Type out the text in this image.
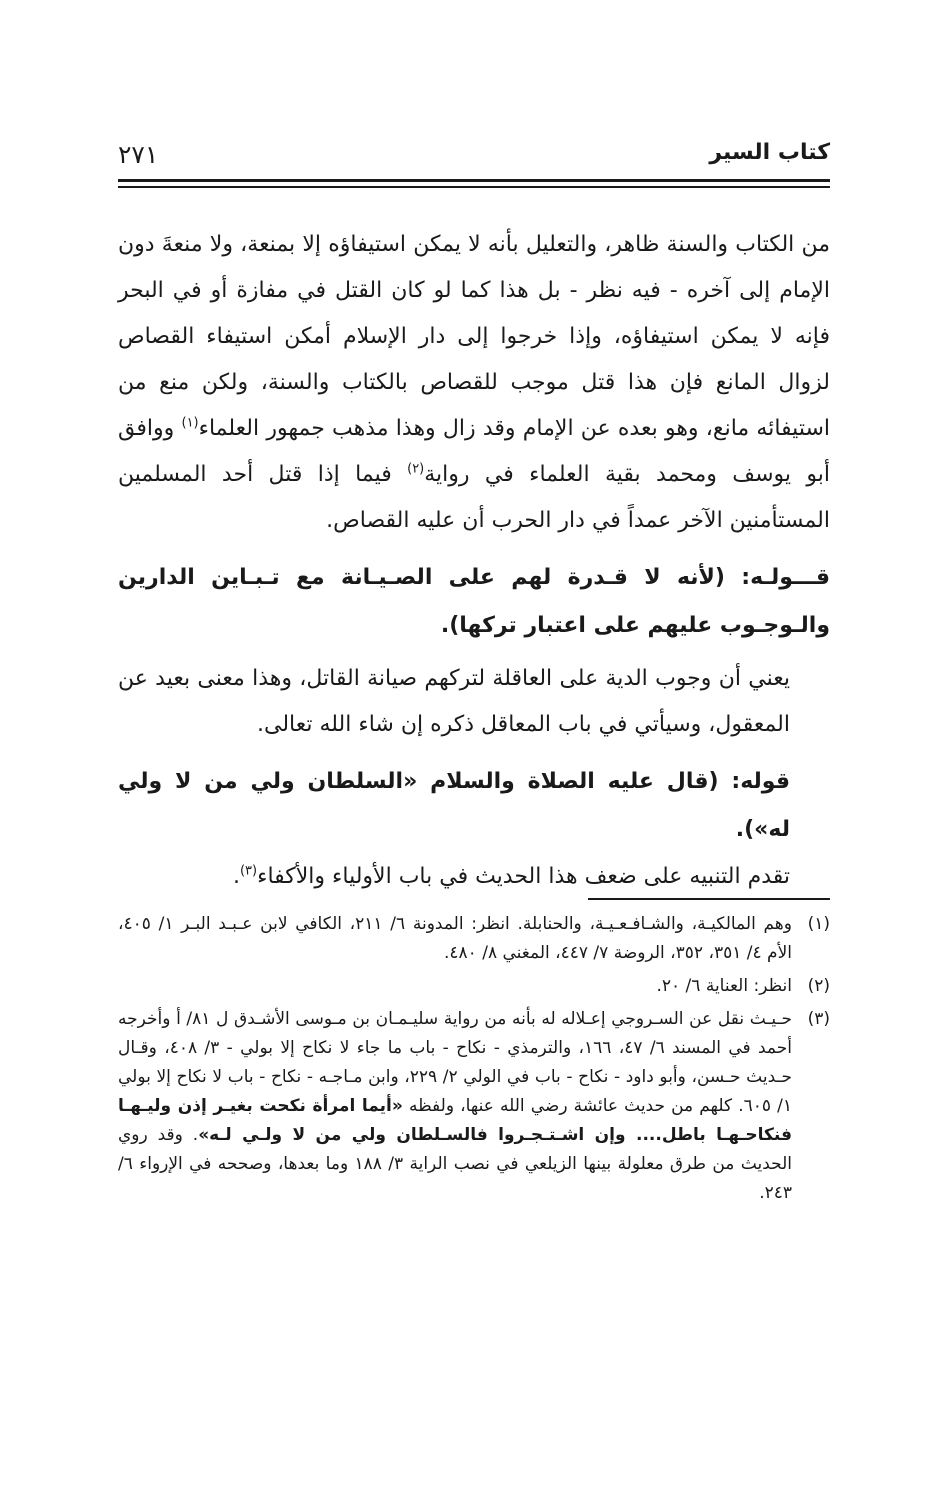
٢٧١	كتاب السير

من الكتاب والسنة ظاهر، والتعليل بأنه لا يمكن استيفاؤه إلا بمنعة، ولا منعةَ دون الإمام إلى آخره - فيه نظر - بل هذا كما لو كان القتل في مفازة أو في البحر فإنه لا يمكن استيفاؤه، وإذا خرجوا إلى دار الإسلام أمكن استيفاء القصاص لزوال المانع فإن هذا قتل موجب للقصاص بالكتاب والسنة، ولكن منع من استيفائه مانع، وهو بعده عن الإمام وقد زال وهذا مذهب جمهور العلماء$^{(١)}$ ووافق أبو يوسف ومحمد بقية العلماء في رواية$^{(٢)}$ فيما إذا قتل أحد المسلمين المستأمنين الآخر عمداً في دار الحرب أن عليه القصاص.

قـــولـه: (لأنه لا قـدرة لهم على الصـيـانة مع تـبـاين الدارين والـوجـوب عليهم على اعتبار تركها).

يعني أن وجوب الدية على العاقلة لتركهم صيانة القاتل، وهذا معنى بعيد عن المعقول، وسيأتي في باب المعاقل ذكره إن شاء الله تعالى.

قوله: (قال عليه الصلاة والسلام «السلطان ولي من لا ولي له»).

تقدم التنبيه على ضعف هذا الحديث في باب الأولياء والأكفاء$^{(٣)}$.

(١)
وهم المالكيـة، والشـافـعـيـة، والحنابلة. انظر: المدونة ٦/ ٢١١، الكافي لابن عـبـد البـر ١/ ٤٠٥، الأم ٤/ ٣٥١، ٣٥٢، الروضة ٧/ ٤٤٧، المغني ٨/ ٤٨٠.
(٢)
انظر: العناية ٦/ ٢٠.
(٣)
حـيـث نقل عن السـروجي إعـلاله له بأنه من رواية سليـمـان بن مـوسى الأشـدق ل ٨١/ أ وأخرجه أحمد في المسند ٦/ ٤٧، ١٦٦، والترمذي - نكاح - باب ما جاء لا نكاح إلا بولي - ٣/ ٤٠٨، وقـال حـديث حـسن، وأبو داود - نكاح - باب في الولي ٢/ ٢٢٩، وابن مـاجـه - نكاح - باب لا نكاح إلا بولي ١/ ٦٠٥. كلهم من حديث عائشة رضي الله عنها، ولفظه «أيما امرأة نكحت بغيـر إذن وليـهـا فنكاحـهـا باطل.... وإن اشـتـجـروا فالسـلطان ولي من لا ولـي لـه». وقد روي الحديث من طرق معلولة بينها الزيلعي في نصب الراية ٣/ ١٨٨ وما بعدها، وصححه في الإرواء ٦/ ٢٤٣.
